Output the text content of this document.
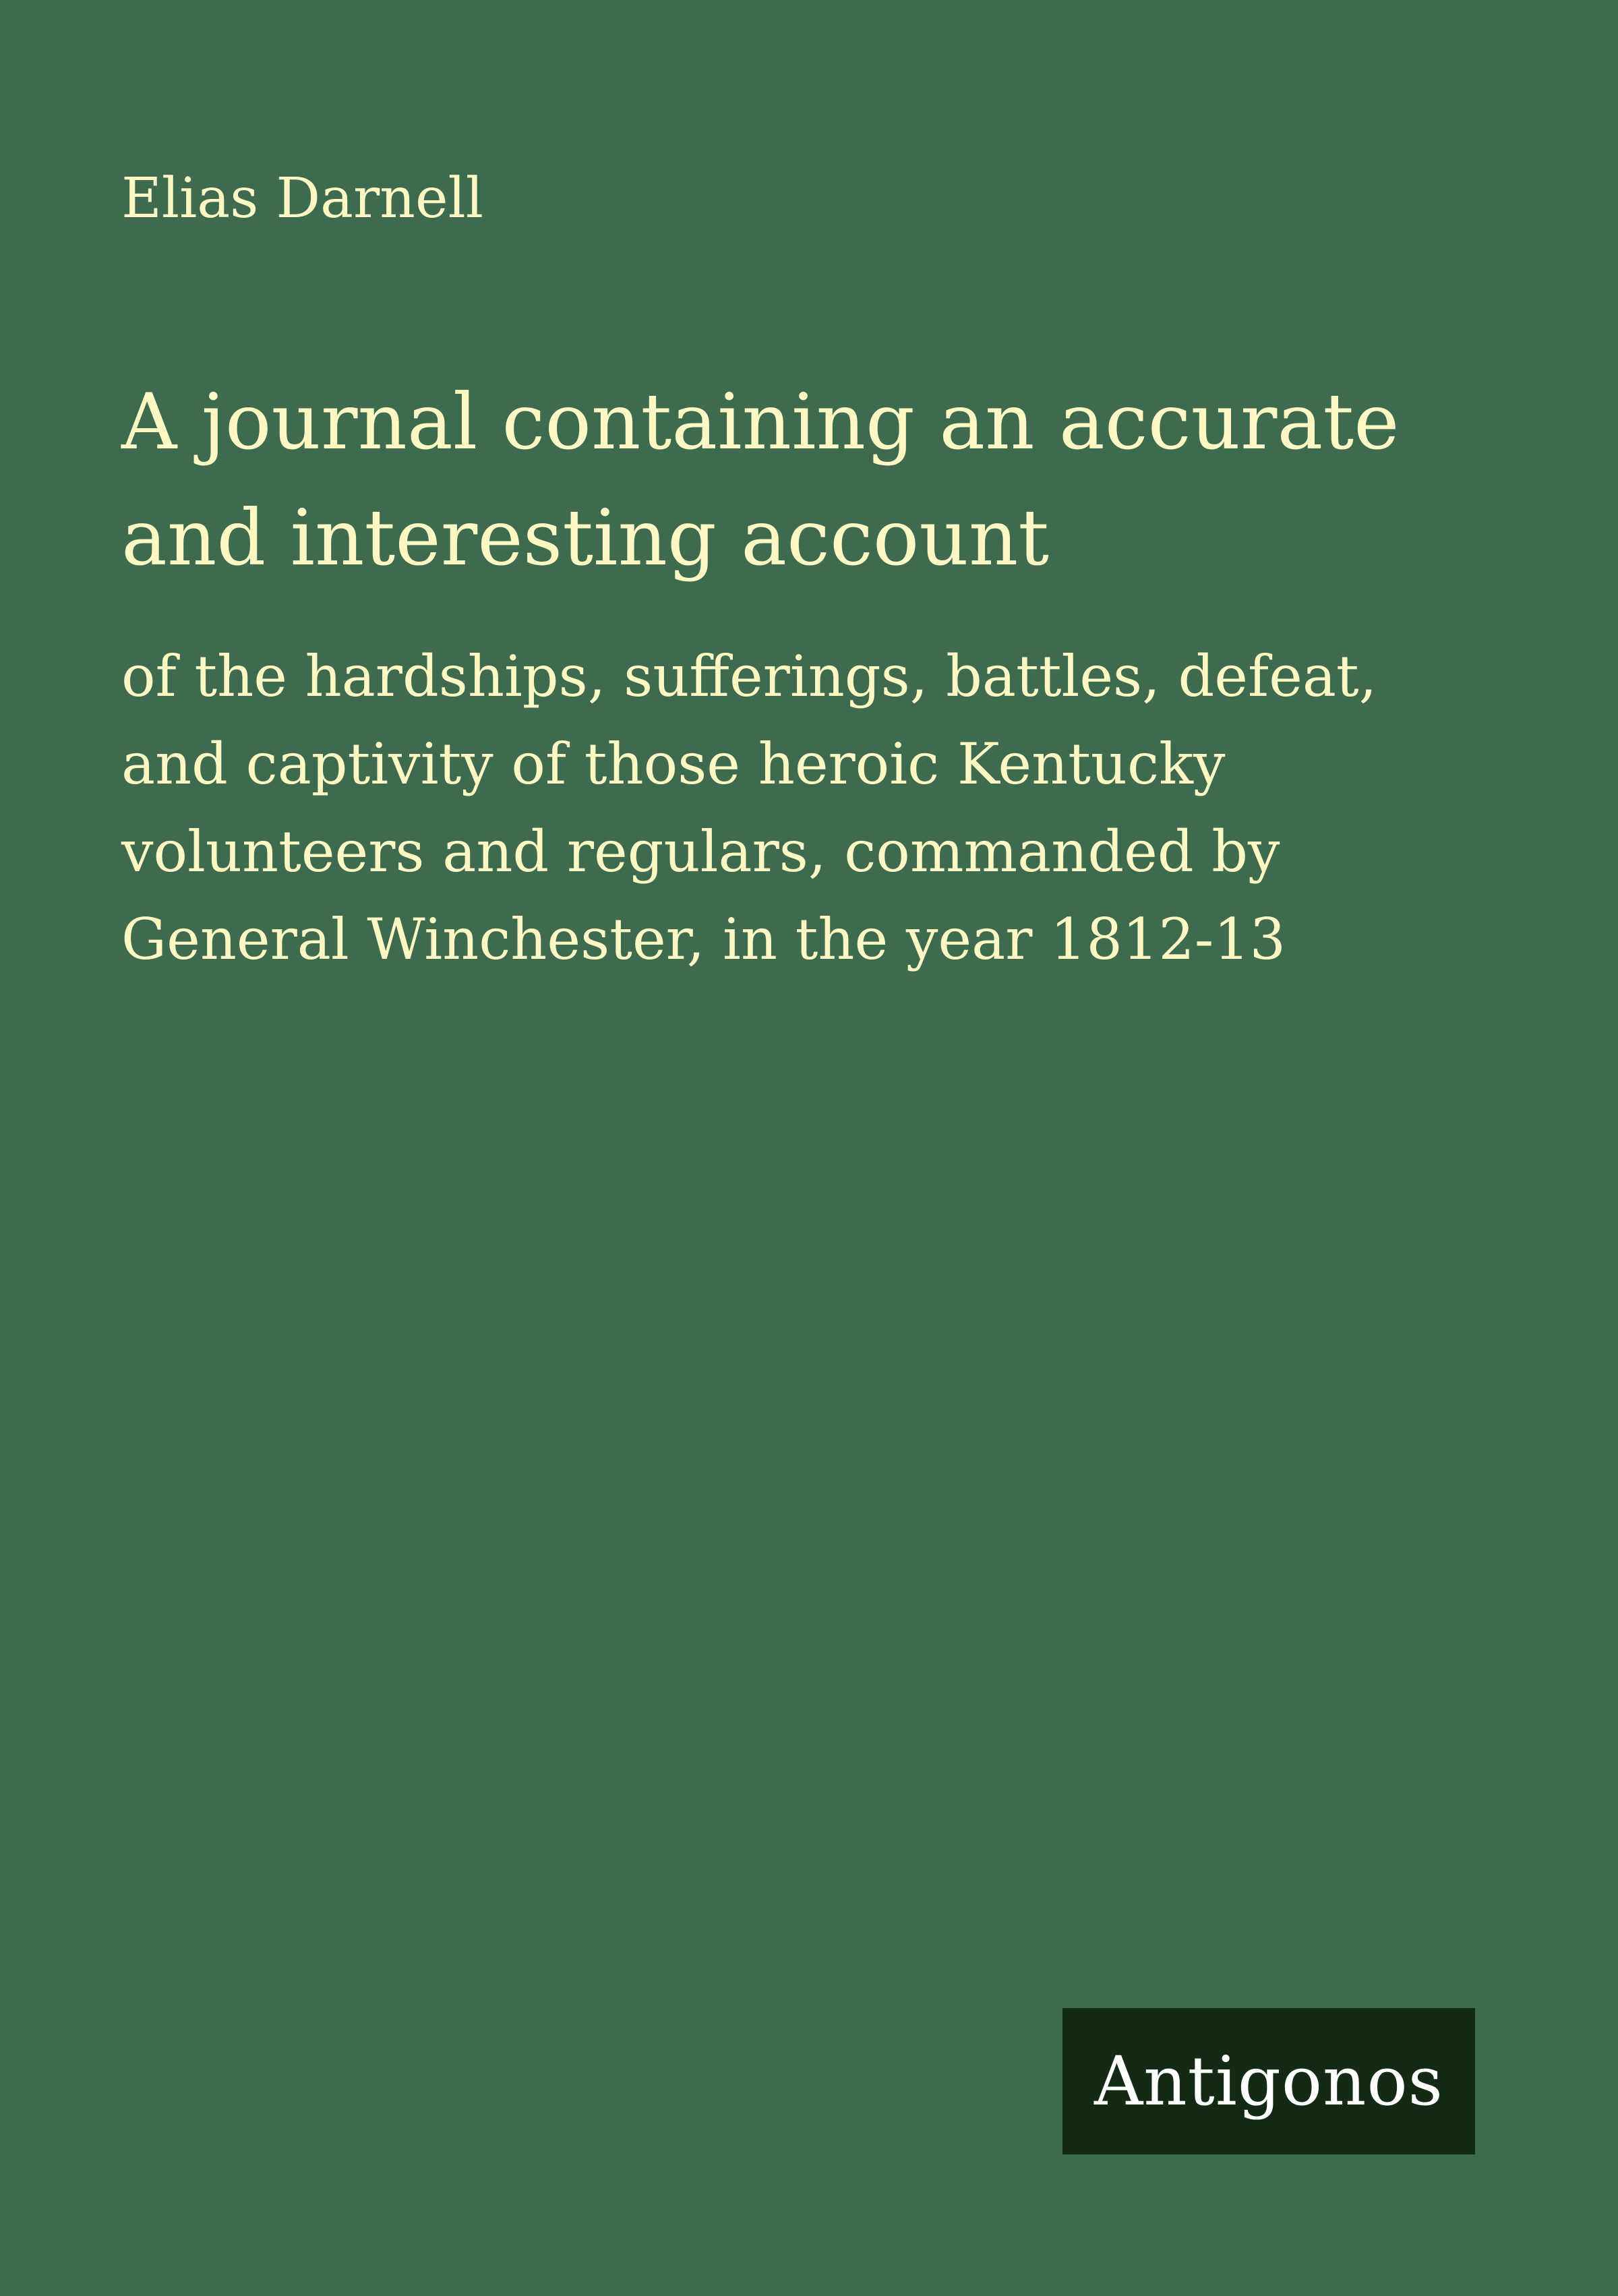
Elias Darnell
A journal containing an accurate and interesting account

of the hardships, sufferings, battles, defeat, and captivity of those heroic Kentucky volunteers and regulars, commanded by General Winchester, in the year 1812-13

Antigonos
